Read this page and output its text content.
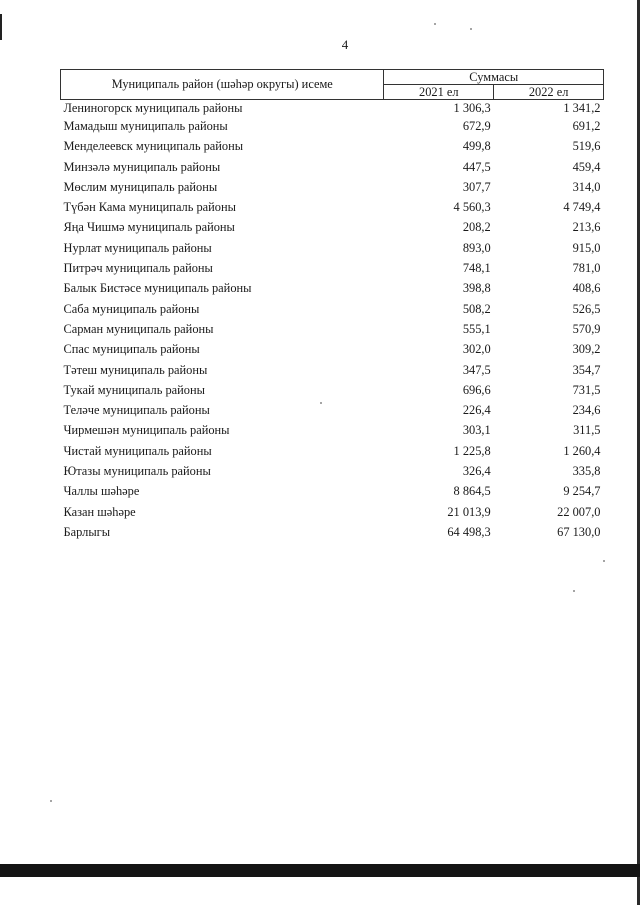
4
Муниципаль район (шәһәр округы) исеме	Суммасы	
	2021 ел	2022 ел
Лениногорск муниципаль районы	1 306,3	1 341,2
Мамадыш муниципаль районы	672,9	691,2
Менделеевск муниципаль районы	499,8	519,6
Минзәлә муниципаль районы	447,5	459,4
Мөслим муниципаль районы	307,7	314,0
Түбән Кама муниципаль районы	4 560,3	4 749,4
Яңа Чишмә муниципаль районы	208,2	213,6
Нурлат муниципаль районы	893,0	915,0
Питрәч муниципаль районы	748,1	781,0
Балык Бистәсе муниципаль районы	398,8	408,6
Саба муниципаль районы	508,2	526,5
Сарман муниципаль районы	555,1	570,9
Спас муниципаль районы	302,0	309,2
Тәтеш муниципаль районы	347,5	354,7
Тукай муниципаль районы	696,6	731,5
Теләче муниципаль районы	226,4	234,6
Чирмешән муниципаль районы	303,1	311,5
Чистай муниципаль районы	1 225,8	1 260,4
Ютазы муниципаль районы	326,4	335,8
Чаллы шәһәре	8 864,5	9 254,7
Казан шәһәре	21 013,9	22 007,0
Барлыгы	64 498,3	67 130,0
